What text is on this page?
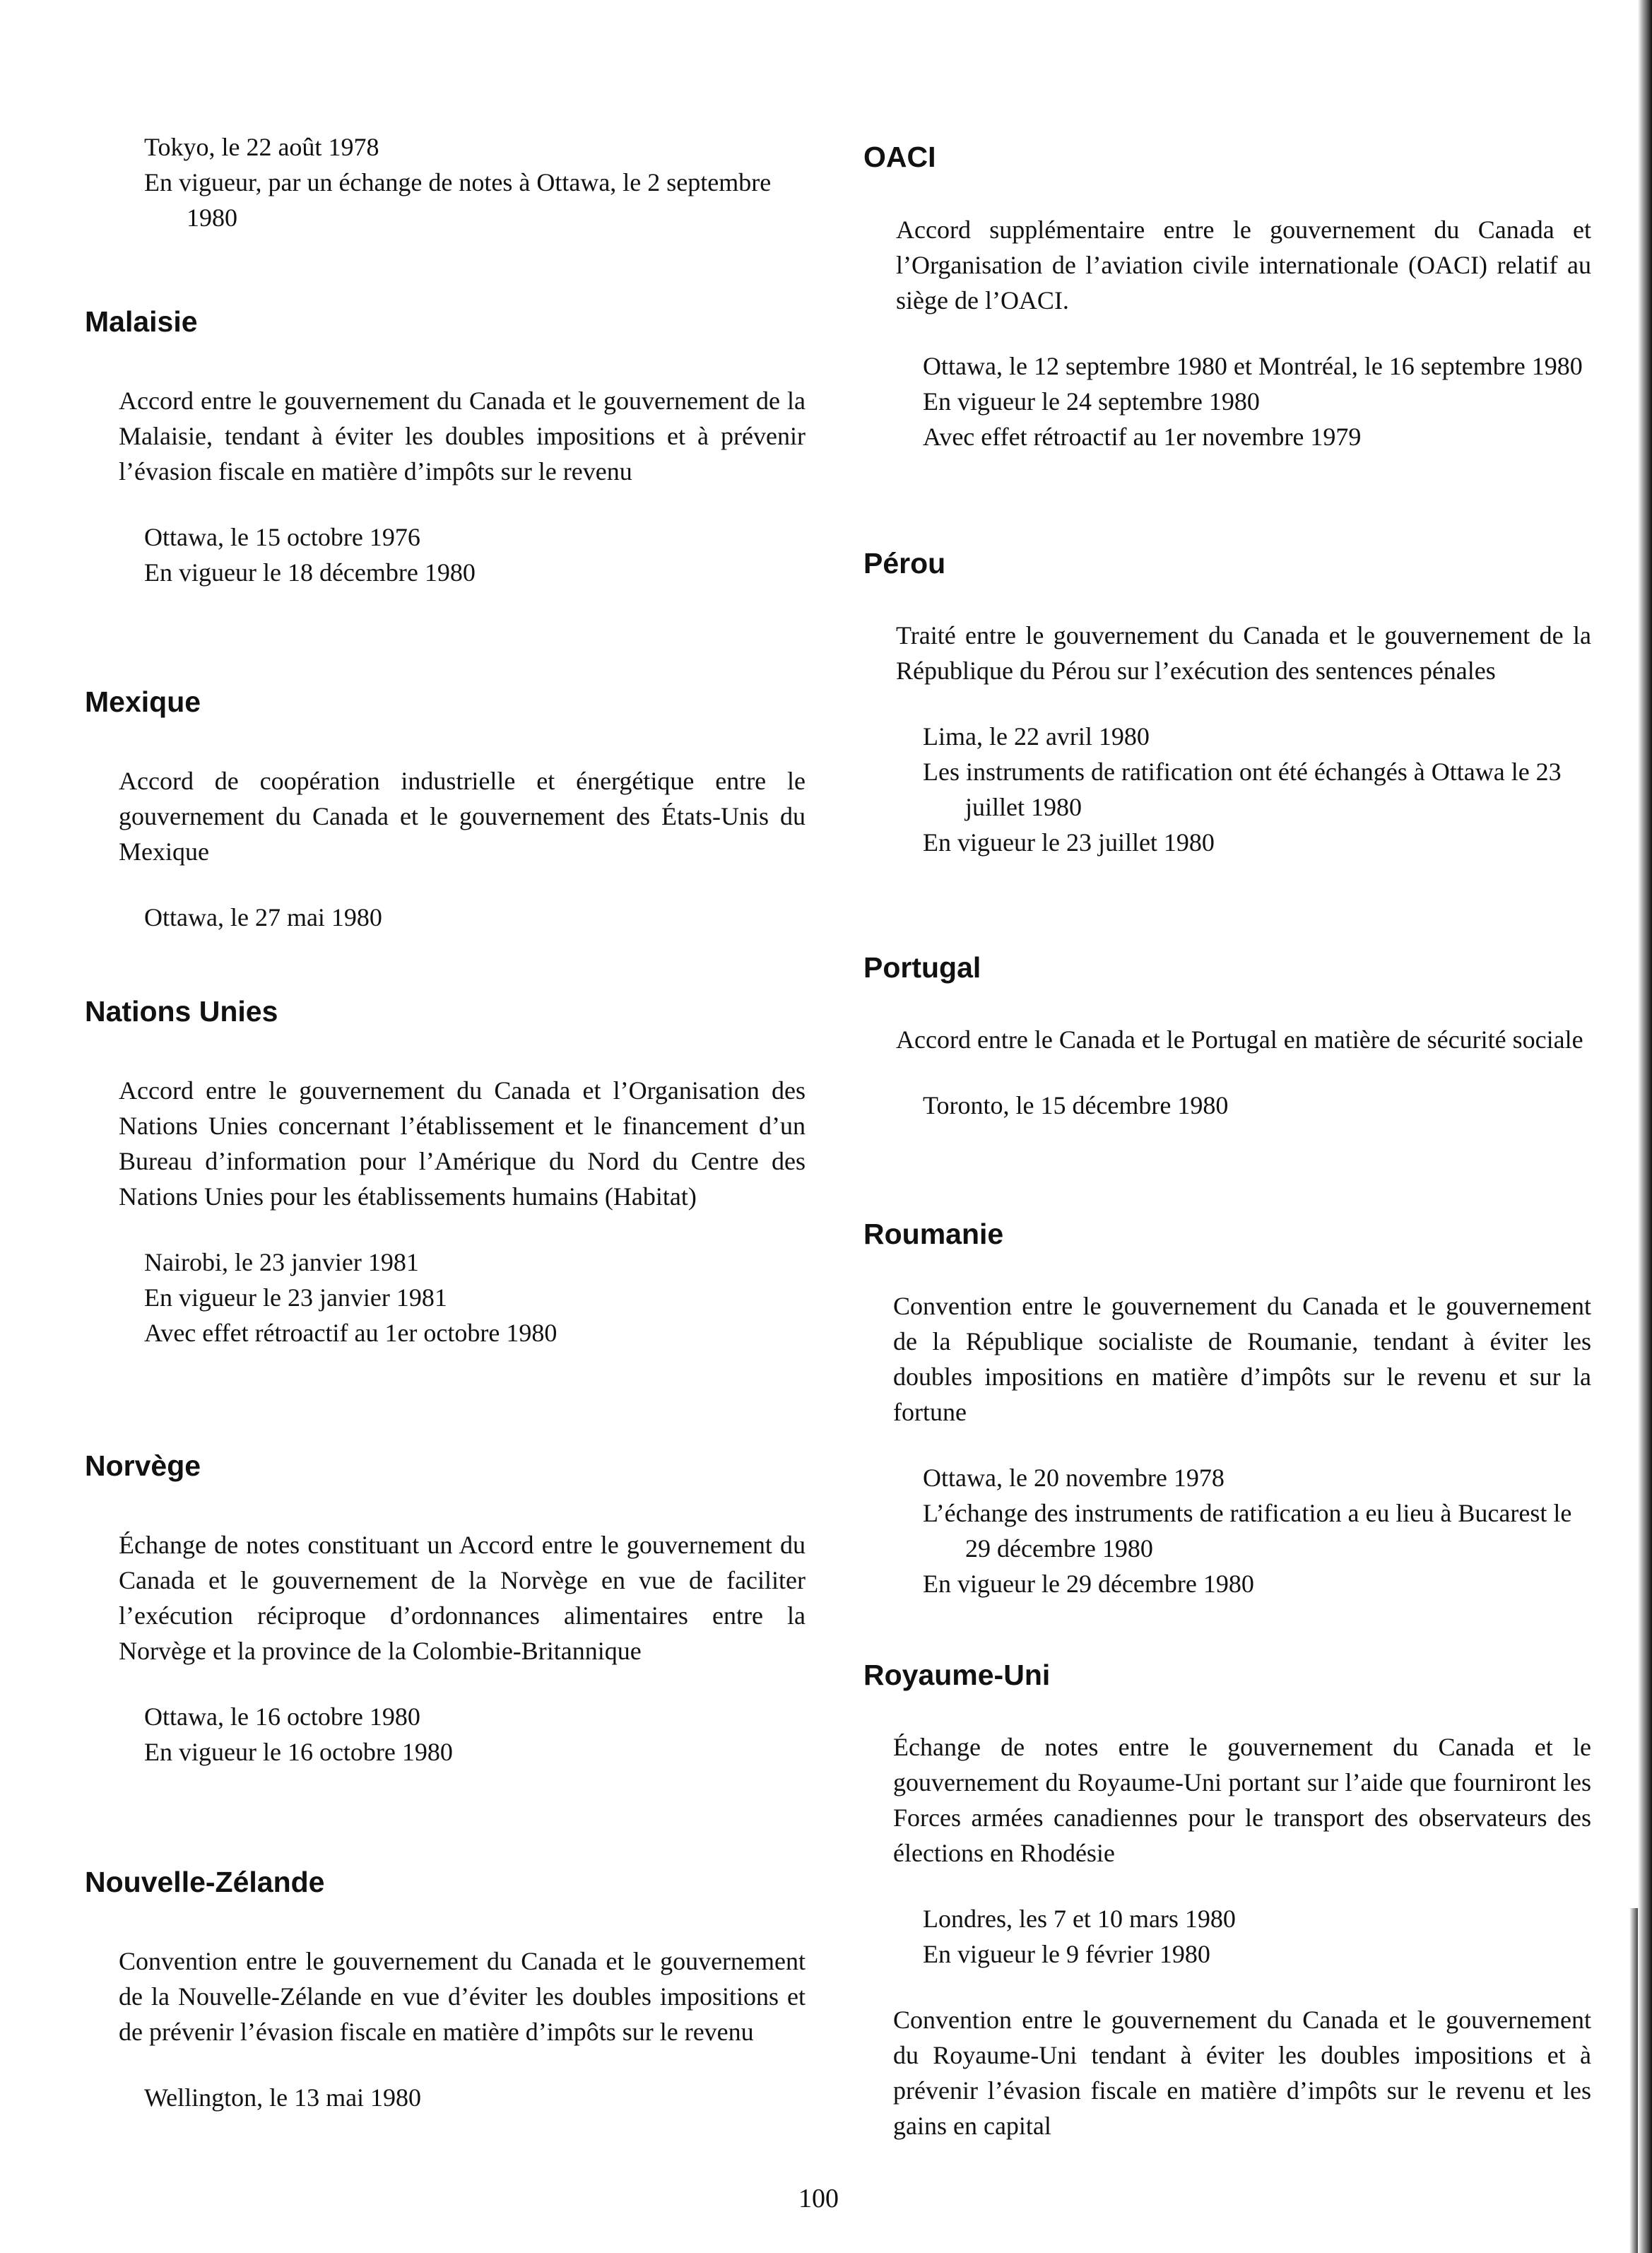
Tokyo, le 22 août 1978

En vigueur, par un échange de notes à Ottawa, le 2 septembre 1980

Malaisie

Accord entre le gouvernement du Canada et le gouvernement de la Malaisie, tendant à éviter les doubles impositions et à prévenir l’évasion fiscale en matière d’impôts sur le revenu

Ottawa, le 15 octobre 1976

En vigueur le 18 décembre 1980

Mexique

Accord de coopération industrielle et énergétique entre le gouvernement du Canada et le gouvernement des États-Unis du Mexique

Ottawa, le 27 mai 1980

Nations Unies

Accord entre le gouvernement du Canada et l’Organisation des Nations Unies concernant l’établissement et le financement d’un Bureau d’information pour l’Amérique du Nord du Centre des Nations Unies pour les établissements humains (Habitat)

Nairobi, le 23 janvier 1981

En vigueur le 23 janvier 1981

Avec effet rétroactif au 1er octobre 1980

Norvège

Échange de notes constituant un Accord entre le gouvernement du Canada et le gouvernement de la Norvège en vue de faciliter l’exécution réciproque d’ordonnances alimentaires entre la Norvège et la province de la Colombie-Britannique

Ottawa, le 16 octobre 1980

En vigueur le 16 octobre 1980

Nouvelle-Zélande

Convention entre le gouvernement du Canada et le gouvernement de la Nouvelle-Zélande en vue d’éviter les doubles impositions et de prévenir l’évasion fiscale en matière d’impôts sur le revenu

Wellington, le 13 mai 1980

OACI

Accord supplémentaire entre le gouvernement du Canada et l’Organisation de l’aviation civile internationale (OACI) relatif au siège de l’OACI.

Ottawa, le 12 septembre 1980 et Montréal, le 16 septembre 1980

En vigueur le 24 septembre 1980

Avec effet rétroactif au 1er novembre 1979

Pérou

Traité entre le gouvernement du Canada et le gouvernement de la République du Pérou sur l’exécution des sentences pénales

Lima, le 22 avril 1980

Les instruments de ratification ont été échangés à Ottawa le 23 juillet 1980

En vigueur le 23 juillet 1980

Portugal

Accord entre le Canada et le Portugal en matière de sécurité sociale

Toronto, le 15 décembre 1980

Roumanie

Convention entre le gouvernement du Canada et le gouvernement de la République socialiste de Roumanie, tendant à éviter les doubles impositions en matière d’impôts sur le revenu et sur la fortune

Ottawa, le 20 novembre 1978

L’échange des instruments de ratification a eu lieu à Bucarest le 29 décembre 1980

En vigueur le 29 décembre 1980

Royaume-Uni

Échange de notes entre le gouvernement du Canada et le gouvernement du Royaume-Uni portant sur l’aide que fourniront les Forces armées canadiennes pour le transport des observateurs des élections en Rhodésie

Londres, les 7 et 10 mars 1980

En vigueur le 9 février 1980

Convention entre le gouvernement du Canada et le gouvernement du Royaume-Uni tendant à éviter les doubles impositions et à prévenir l’évasion fiscale en matière d’impôts sur le revenu et les gains en capital

100
